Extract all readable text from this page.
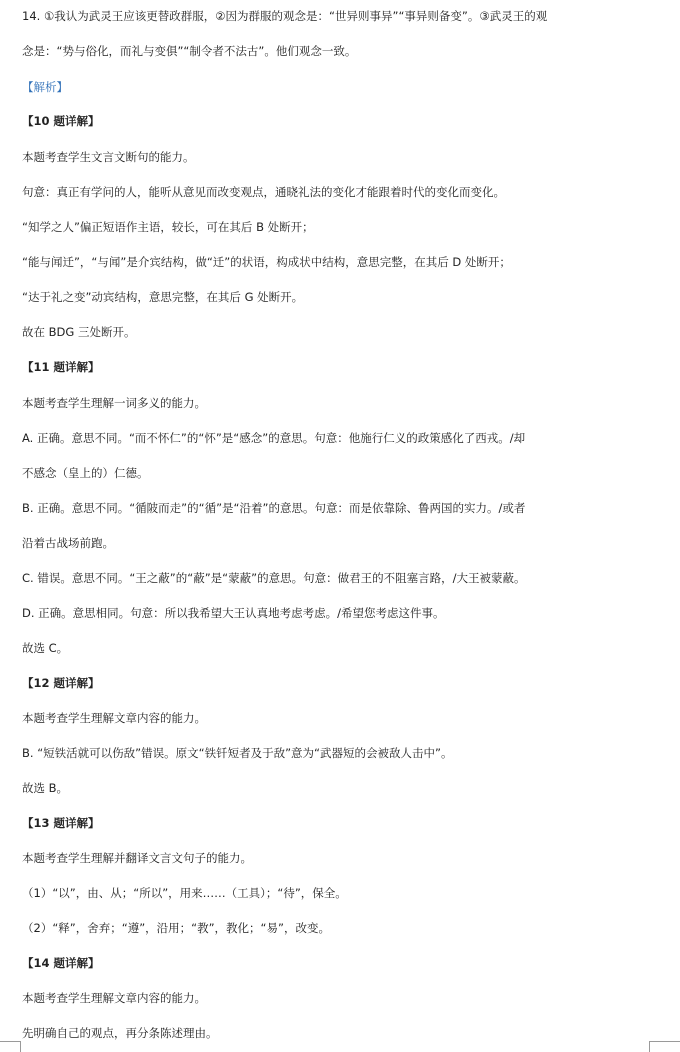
14. ①我认为武灵王应该更替政群服，②因为群服的观念是：“世异则事异”“事异则备变”。③武灵王的观
念是：“势与俗化，而礼与变俱”“制令者不法古”。他们观念一致。
【解析】
【10 题详解】
本题考查学生文言文断句的能力。
句意：真正有学问的人，能听从意见而改变观点，通晓礼法的变化才能跟着时代的变化而变化。
“知学之人”偏正短语作主语，较长，可在其后 B 处断开；
“能与闻迁”，“与闻”是介宾结构，做“迁”的状语，构成状中结构，意思完整，在其后 D 处断开；
“达于礼之变”动宾结构，意思完整，在其后 G 处断开。
故在 BDG 三处断开。
【11 题详解】
本题考查学生理解一词多义的能力。
A. 正确。意思不同。“而不怀仁”的“怀”是“感念”的意思。句意：他施行仁义的政策感化了西戎。/却
不感念（皇上的）仁德。
B. 正确。意思不同。“循陂而走”的“循”是“沿着”的意思。句意：而是依靠除、鲁两国的实力。/或者
沿着古战场前跑。
C. 错误。意思不同。“王之蔽”的“蔽”是“蒙蔽”的意思。句意：做君王的不阻塞言路，/大王被蒙蔽。
D. 正确。意思相同。句意：所以我希望大王认真地考虑考虑。/希望您考虑这件事。
故选 C。
【12 题详解】
本题考查学生理解文章内容的能力。
B. “短铁活就可以伤敌”错误。原文“铁钎短者及于敌”意为“武器短的会被敌人击中”。
故选 B。
【13 题详解】
本题考查学生理解并翻译文言文句子的能力。
（1）“以”，由、从；“所以”，用来……（工具）；“待”，保全。
（2）“释”，舍弃；“遵”，沿用；“教”，教化；“易”，改变。
【14 题详解】
本题考查学生理解文章内容的能力。
先明确自己的观点，再分条陈述理由。
